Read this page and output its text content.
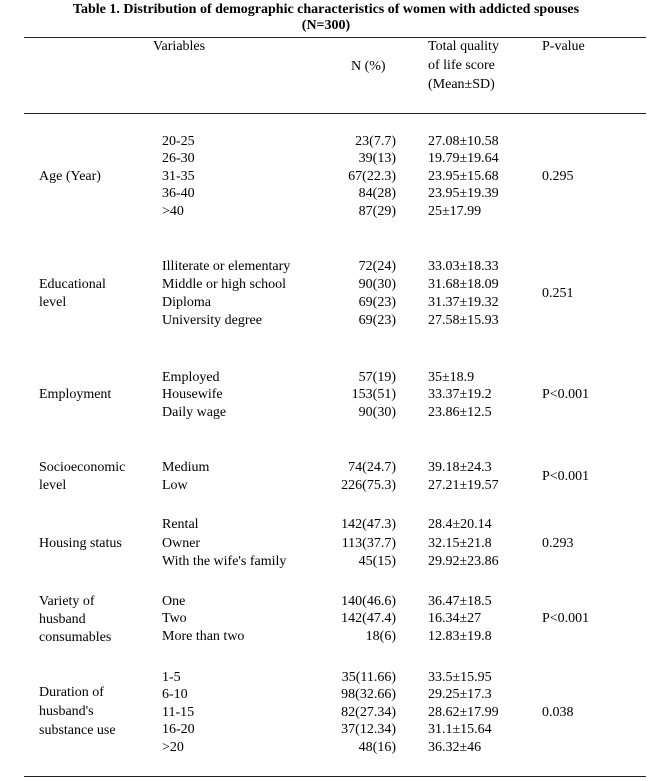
Table 1. Distribution of demographic characteristics of women with addicted spouses
(N=300)
Variables
N (%)
Total quality
of life score
(Mean±SD)
P-value
Age (Year)
20-25
26-30
31-35
36-40
>40
23(7.7)
39(13)
67(22.3)
84(28)
87(29)
27.08±10.58
19.79±19.64
23.95±15.68
23.95±19.39
25±17.99
0.295
Educational
level
Illiterate or elementary
Middle or high school
Diploma
University degree
72(24)
90(30)
69(23)
69(23)
33.03±18.33
31.68±18.09
31.37±19.32
27.58±15.93
0.251
Employment
Employed
Housewife
Daily wage
57(19)
153(51)
90(30)
35±18.9
33.37±19.2
23.86±12.5
P<0.001
Socioeconomic
level
Medium
Low
74(24.7)
226(75.3)
39.18±24.3
27.21±19.57
P<0.001
Housing status
Rental
Owner
With the wife's family
142(47.3)
113(37.7)
45(15)
28.4±20.14
32.15±21.8
29.92±23.86
0.293
Variety of
husband
consumables
One
Two
More than two
140(46.6)
142(47.4)
18(6)
36.47±18.5
16.34±27
12.83±19.8
P<0.001
Duration of
husband's
substance use
1-5
6-10
11-15
16-20
>20
35(11.66)
98(32.66)
82(27.34)
37(12.34)
48(16)
33.5±15.95
29.25±17.3
28.62±17.99
31.1±15.64
36.32±46
0.038
